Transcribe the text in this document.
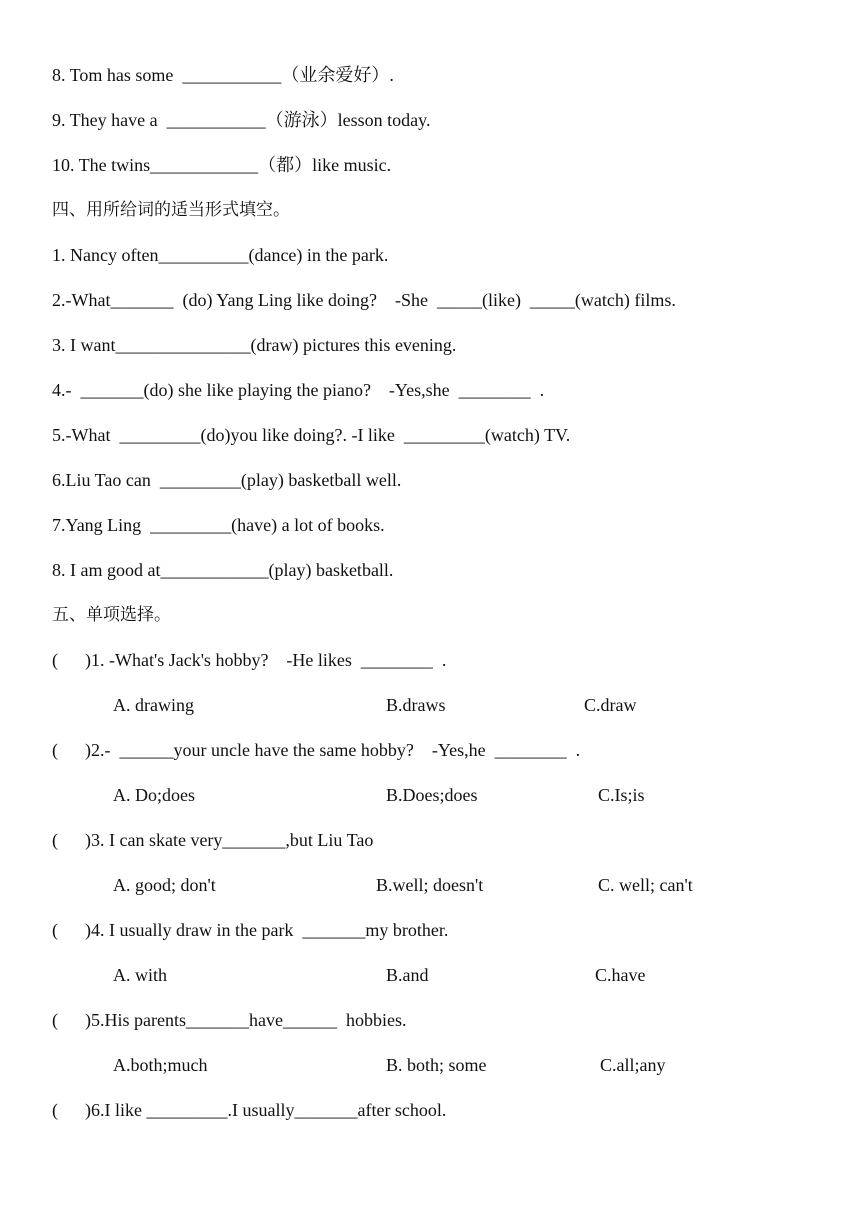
8. Tom has some  ___________（业余爱好）.
9. They have a  ___________（游泳）lesson today.
10. The twins____________（都）like music.
四、用所给词的适当形式填空。
1. Nancy often__________(dance) in the park.
2.-What_______  (do) Yang Ling like doing?    -She  _____(like)  _____(watch) films.
3. I want_______________(draw) pictures this evening.
4.-  _______(do) she like playing the piano?    -Yes,she  ________  .
5.-What  _________(do)you like doing?. -I like  _________(watch) TV.
6.Liu Tao can  _________(play) basketball well.
7.Yang Ling  _________(have) a lot of books.
8. I am good at____________(play) basketball.
五、单项选择。
(      )1. -What's Jack's hobby?    -He likes  ________  .
A. drawing	B.draws	C.draw
(      )2.-  ______your uncle have the same hobby?    -Yes,he  ________  .
A. Do;does	B.Does;does	C.Is;is
(      )3. I can skate very_______,but Liu Tao
A. good; don't	B.well; doesn't	C. well; can't
(      )4. I usually draw in the park  _______my brother.
A. with	B.and	C.have
(      )5.His parents_______have______  hobbies.
A.both;much	B. both; some	C.all;any
(      )6.I like _________.I usually_______after school.
